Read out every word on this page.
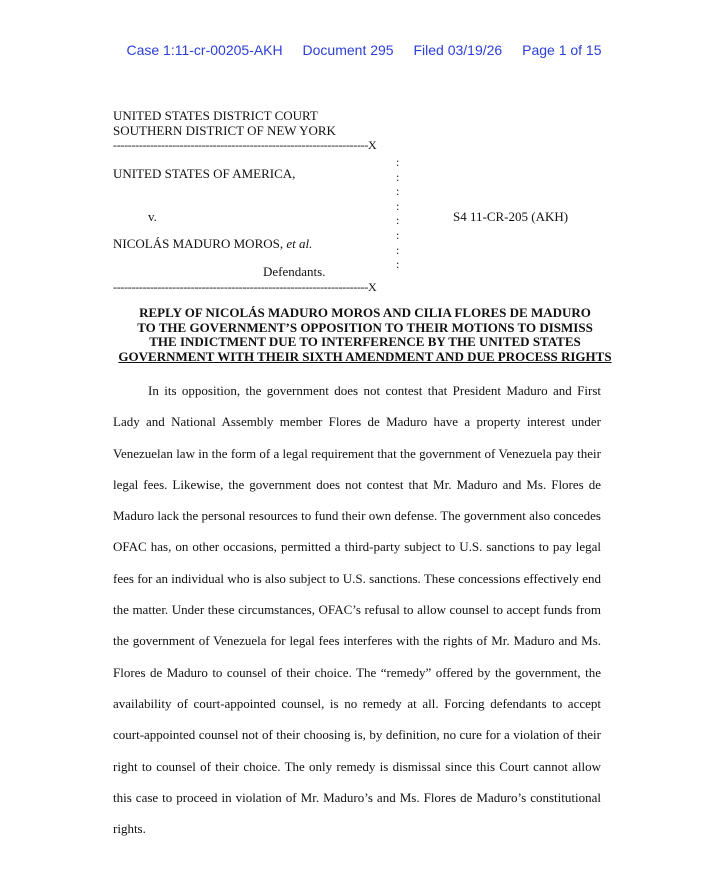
Case 1:11-cr-00205-AKH Document 295 Filed 03/19/26 Page 1 of 15
UNITED STATES DISTRICT COURT
SOUTHERN DISTRICT OF NEW YORK
---------------------------------------------------------------------X
:
:
:
:
:
:
:
:
UNITED STATES OF AMERICA,
v.
NICOLÁS MADURO MOROS, et al.
Defendants.
S4 11-CR-205 (AKH)
---------------------------------------------------------------------X
REPLY OF NICOLÁS MADURO MOROS AND CILIA FLORES DE MADURO
TO THE GOVERNMENT’S OPPOSITION TO THEIR MOTIONS TO DISMISS
THE INDICTMENT DUE TO INTERFERENCE BY THE UNITED STATES
GOVERNMENT WITH THEIR SIXTH AMENDMENT AND DUE PROCESS RIGHTS

In its opposition, the government does not contest that President Maduro and First Lady and National Assembly member Flores de Maduro have a property interest under Venezuelan law in the form of a legal requirement that the government of Venezuela pay their legal fees. Likewise, the government does not contest that Mr. Maduro and Ms. Flores de Maduro lack the personal resources to fund their own defense. The government also concedes OFAC has, on other occasions, permitted a third-party subject to U.S. sanctions to pay legal fees for an individual who is also subject to U.S. sanctions. These concessions effectively end the matter. Under these circumstances, OFAC’s refusal to allow counsel to accept funds from the government of Venezuela for legal fees interferes with the rights of Mr. Maduro and Ms. Flores de Maduro to counsel of their choice. The “remedy” offered by the government, the availability of court-appointed counsel, is no remedy at all. Forcing defendants to accept court-appointed counsel not of their choosing is, by definition, no cure for a violation of their right to counsel of their choice. The only remedy is dismissal since this Court cannot allow this case to proceed in violation of Mr. Maduro’s and Ms. Flores de Maduro’s constitutional rights.
